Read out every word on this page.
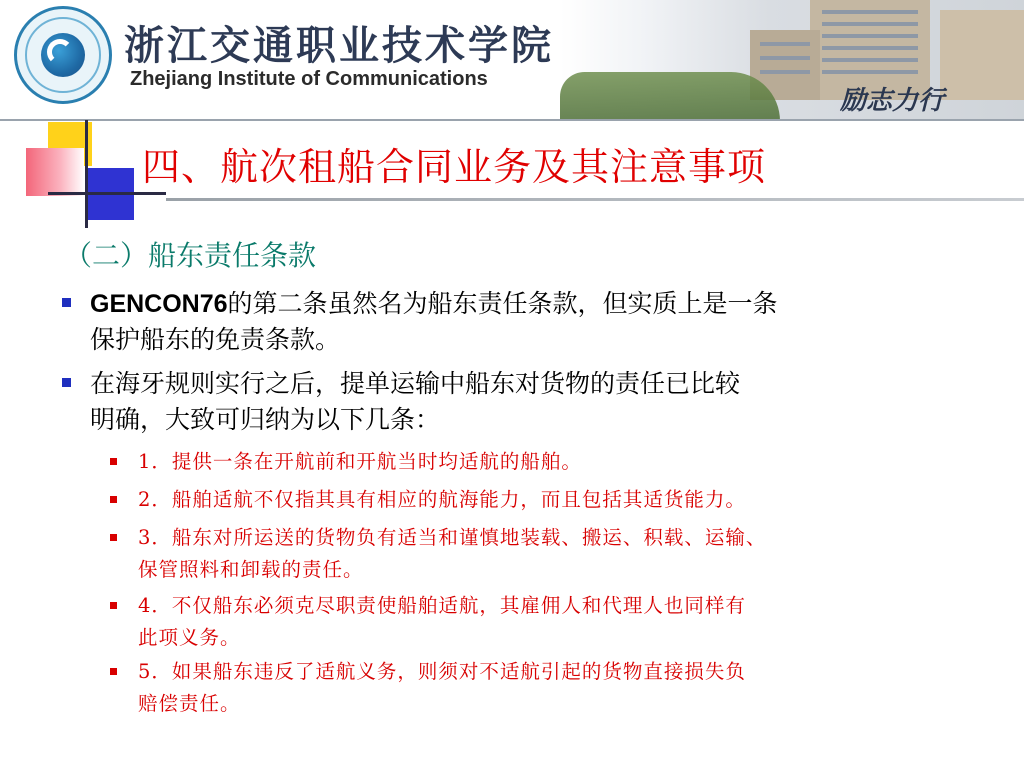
浙江交通职业技术学院
Zhejiang Institute of Communications
励志力行
四、航次租船合同业务及其注意事项
（二）船东责任条款
GENCON76的第二条虽然名为船东责任条款，但实质上是一条
保护船东的免责条款。
在海牙规则实行之后，提单运输中船东对货物的责任已比较
明确，大致可归纳为以下几条：
1．提供一条在开航前和开航当时均适航的船舶。
2．船舶适航不仅指其具有相应的航海能力，而且包括其适货能力。
3．船东对所运送的货物负有适当和谨慎地装载、搬运、积载、运输、
保管照料和卸载的责任。
4．不仅船东必须克尽职责使船舶适航，其雇佣人和代理人也同样有
此项义务。
5．如果船东违反了适航义务，则须对不适航引起的货物直接损失负
赔偿责任。
